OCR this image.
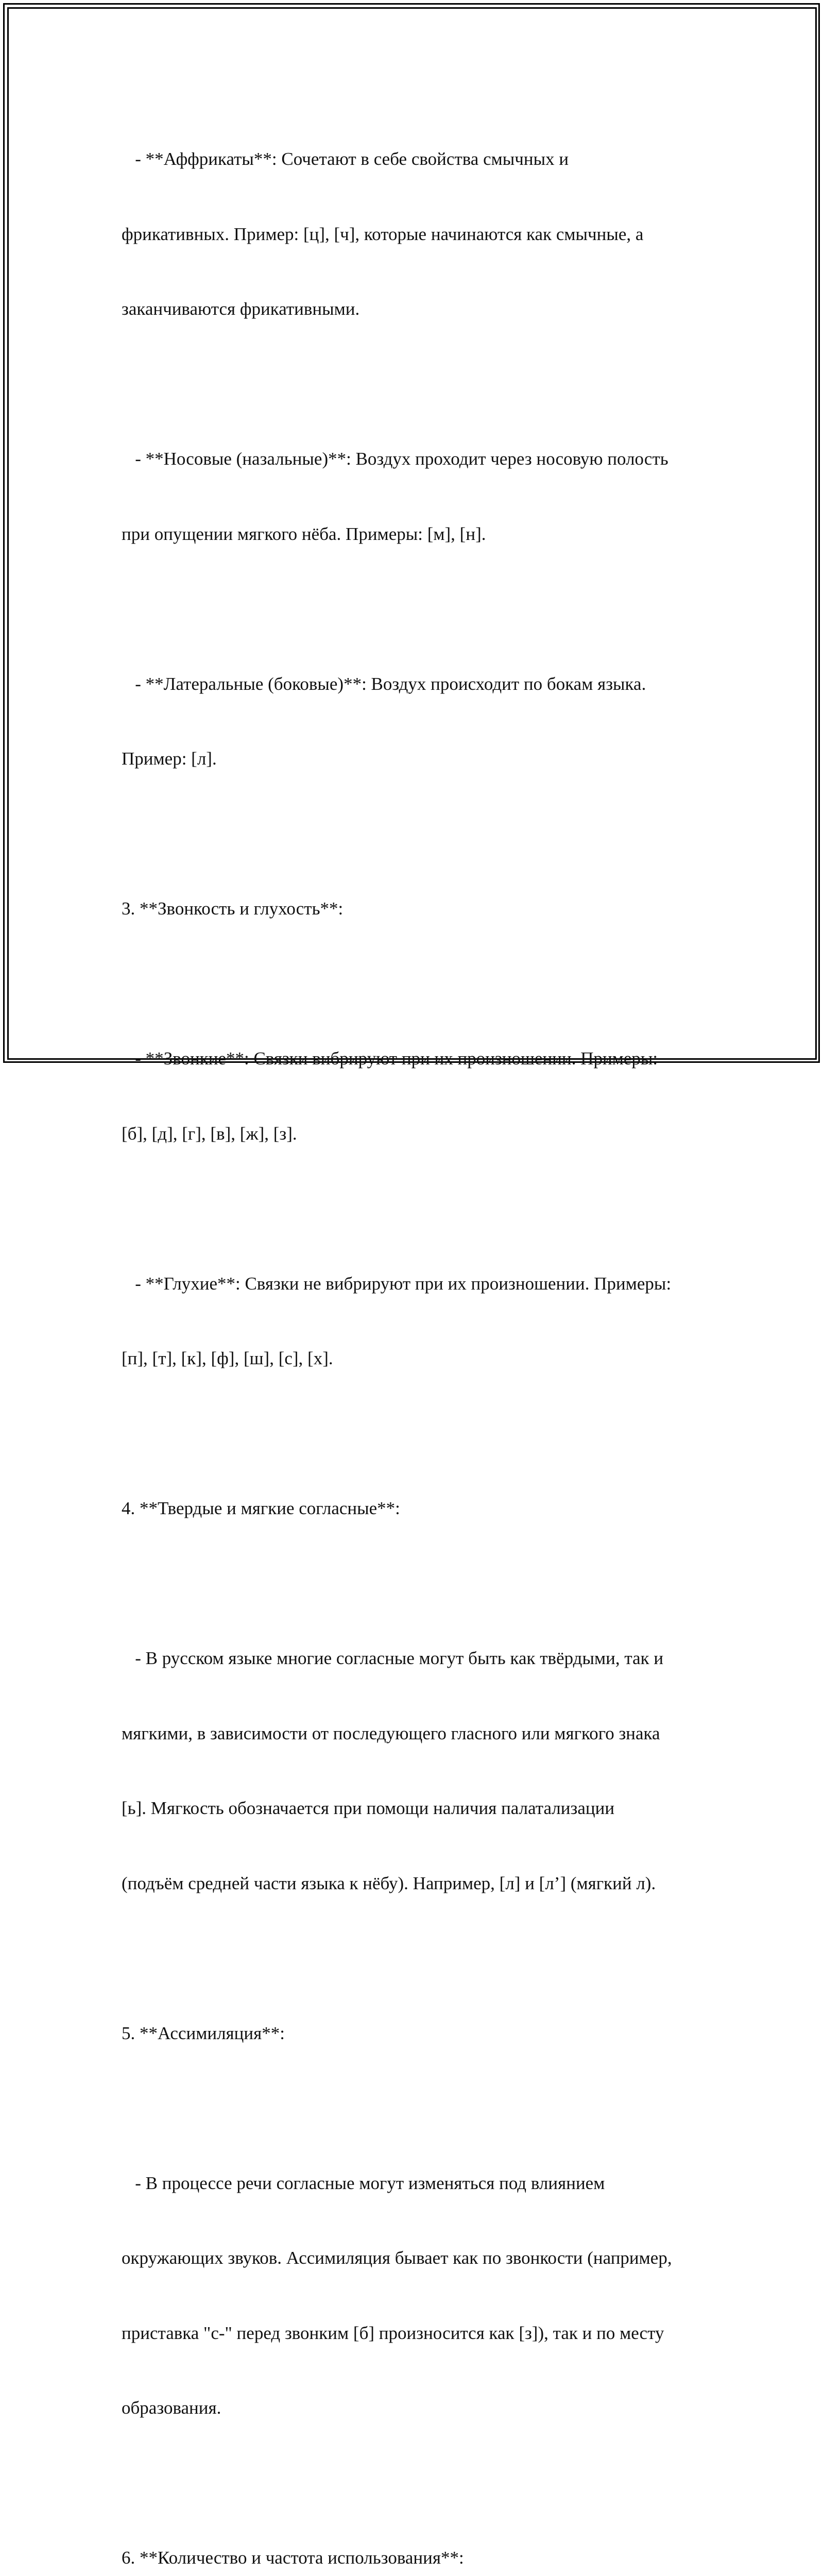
- **Аффрикаты**: Сочетают в себе свойства смычных и

фрикативных. Пример: [ц], [ч], которые начинаются как смычные, а

заканчиваются фрикативными.

- **Носовые (назальные)**: Воздух проходит через носовую полость

при опущении мягкого нёба. Примеры: [м], [н].

- **Латеральные (боковые)**: Воздух происходит по бокам языка.

Пример: [л].

3. **Звонкость и глухость**:

- **Звонкие**: Связки вибрируют при их произношении. Примеры:

[б], [д], [г], [в], [ж], [з].

- **Глухие**: Связки не вибрируют при их произношении. Примеры:

[п], [т], [к], [ф], [ш], [с], [х].

4. **Твердые и мягкие согласные**:

- В русском языке многие согласные могут быть как твёрдыми, так и

мягкими, в зависимости от последующего гласного или мягкого знака

[ь]. Мягкость обозначается при помощи наличия палатализации

(подъём средней части языка к нёбу). Например, [л] и [л’] (мягкий л).

5. **Ассимиляция**:

- В процессе речи согласные могут изменяться под влиянием

окружающих звуков. Ассимиляция бывает как по звонкости (например,

приставка "с-" перед звонким [б] произносится как [з]), так и по месту

образования.

6. **Количество и частота использования**:
